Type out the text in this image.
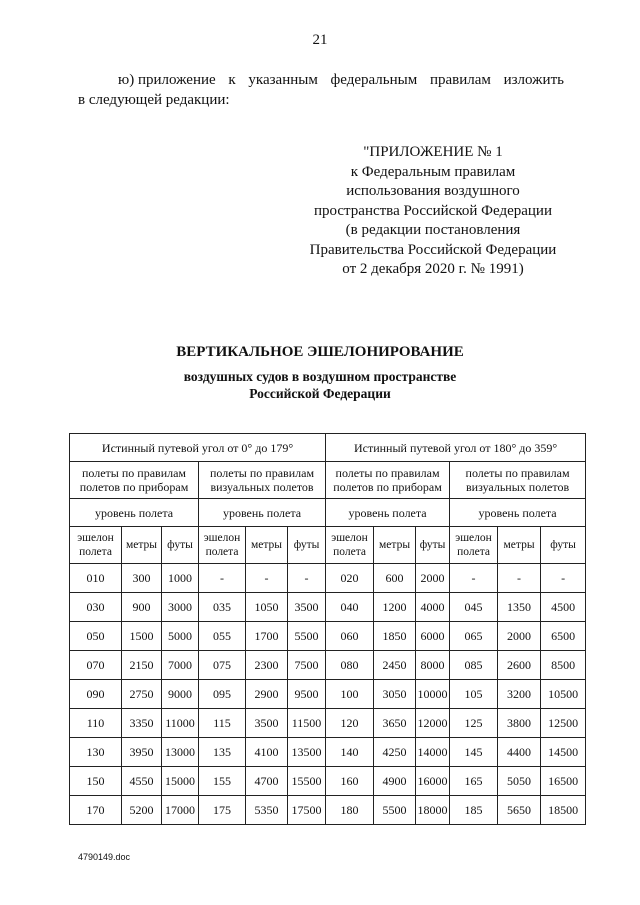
21
ю) приложение к указанным федеральным правилам изложить
в следующей редакции:
"ПРИЛОЖЕНИЕ № 1
к Федеральным правилам
использования воздушного
пространства Российской Федерации
(в редакции постановления
Правительства Российской Федерации
от 2 декабря 2020 г. № 1991)
ВЕРТИКАЛЬНОЕ ЭШЕЛОНИРОВАНИЕ
воздушных судов в воздушном пространстве
Российской Федерации
Истинный путевой угол от 0° до 179°						Истинный путевой угол от 180° до 359°					
полеты по правилам полетов по приборам			полеты по правилам визуальных полетов			полеты по правилам полетов по приборам			полеты по правилам визуальных полетов		
уровень полета			уровень полета			уровень полета			уровень полета		
эшелон полета	метры	футы	эшелон полета	метры	футы	эшелон полета	метры	футы	эшелон полета	метры	футы
010	300	1000	-	-	-	020	600	2000	-	-	-
030	900	3000	035	1050	3500	040	1200	4000	045	1350	4500
050	1500	5000	055	1700	5500	060	1850	6000	065	2000	6500
070	2150	7000	075	2300	7500	080	2450	8000	085	2600	8500
090	2750	9000	095	2900	9500	100	3050	10000	105	3200	10500
110	3350	11000	115	3500	11500	120	3650	12000	125	3800	12500
130	3950	13000	135	4100	13500	140	4250	14000	145	4400	14500
150	4550	15000	155	4700	15500	160	4900	16000	165	5050	16500
170	5200	17000	175	5350	17500	180	5500	18000	185	5650	18500
4790149.doc
